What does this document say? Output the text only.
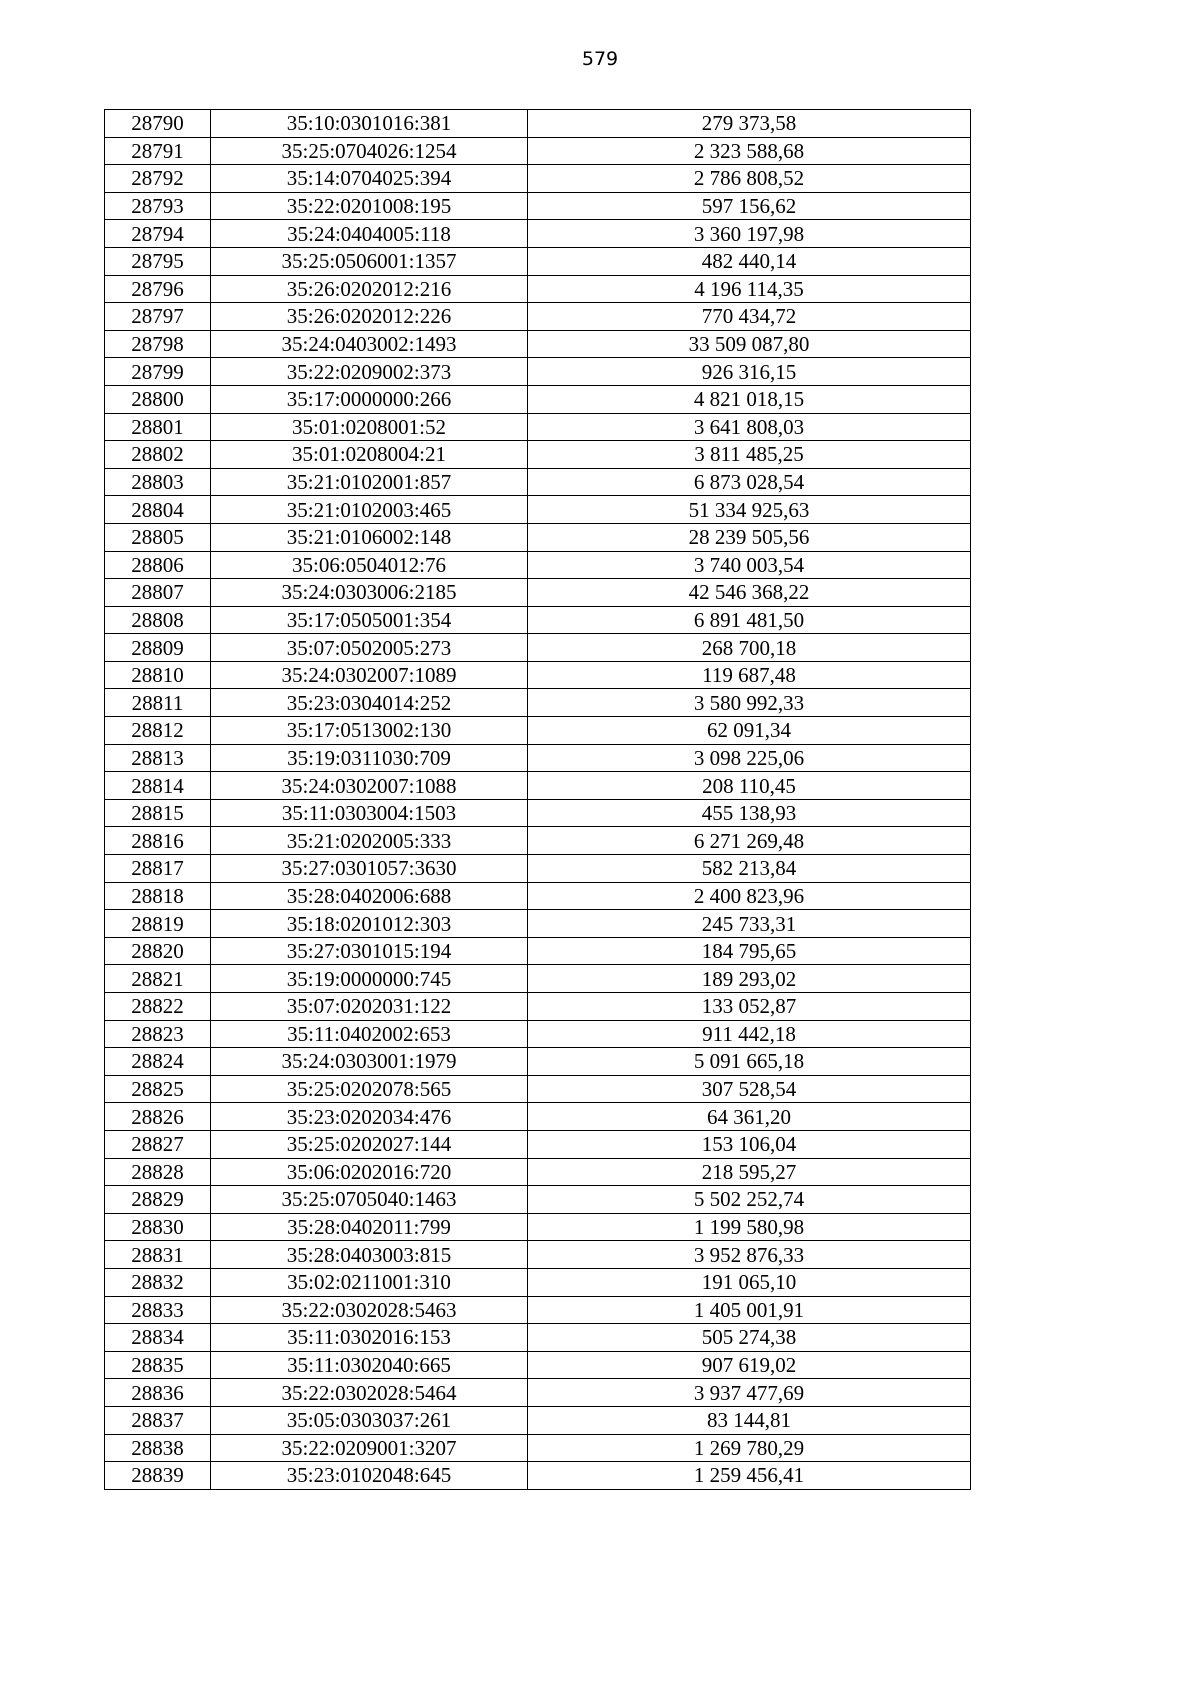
579
28790	35:10:0301016:381	279 373,58
28791	35:25:0704026:1254	2 323 588,68
28792	35:14:0704025:394	2 786 808,52
28793	35:22:0201008:195	597 156,62
28794	35:24:0404005:118	3 360 197,98
28795	35:25:0506001:1357	482 440,14
28796	35:26:0202012:216	4 196 114,35
28797	35:26:0202012:226	770 434,72
28798	35:24:0403002:1493	33 509 087,80
28799	35:22:0209002:373	926 316,15
28800	35:17:0000000:266	4 821 018,15
28801	35:01:0208001:52	3 641 808,03
28802	35:01:0208004:21	3 811 485,25
28803	35:21:0102001:857	6 873 028,54
28804	35:21:0102003:465	51 334 925,63
28805	35:21:0106002:148	28 239 505,56
28806	35:06:0504012:76	3 740 003,54
28807	35:24:0303006:2185	42 546 368,22
28808	35:17:0505001:354	6 891 481,50
28809	35:07:0502005:273	268 700,18
28810	35:24:0302007:1089	119 687,48
28811	35:23:0304014:252	3 580 992,33
28812	35:17:0513002:130	62 091,34
28813	35:19:0311030:709	3 098 225,06
28814	35:24:0302007:1088	208 110,45
28815	35:11:0303004:1503	455 138,93
28816	35:21:0202005:333	6 271 269,48
28817	35:27:0301057:3630	582 213,84
28818	35:28:0402006:688	2 400 823,96
28819	35:18:0201012:303	245 733,31
28820	35:27:0301015:194	184 795,65
28821	35:19:0000000:745	189 293,02
28822	35:07:0202031:122	133 052,87
28823	35:11:0402002:653	911 442,18
28824	35:24:0303001:1979	5 091 665,18
28825	35:25:0202078:565	307 528,54
28826	35:23:0202034:476	64 361,20
28827	35:25:0202027:144	153 106,04
28828	35:06:0202016:720	218 595,27
28829	35:25:0705040:1463	5 502 252,74
28830	35:28:0402011:799	1 199 580,98
28831	35:28:0403003:815	3 952 876,33
28832	35:02:0211001:310	191 065,10
28833	35:22:0302028:5463	1 405 001,91
28834	35:11:0302016:153	505 274,38
28835	35:11:0302040:665	907 619,02
28836	35:22:0302028:5464	3 937 477,69
28837	35:05:0303037:261	83 144,81
28838	35:22:0209001:3207	1 269 780,29
28839	35:23:0102048:645	1 259 456,41
